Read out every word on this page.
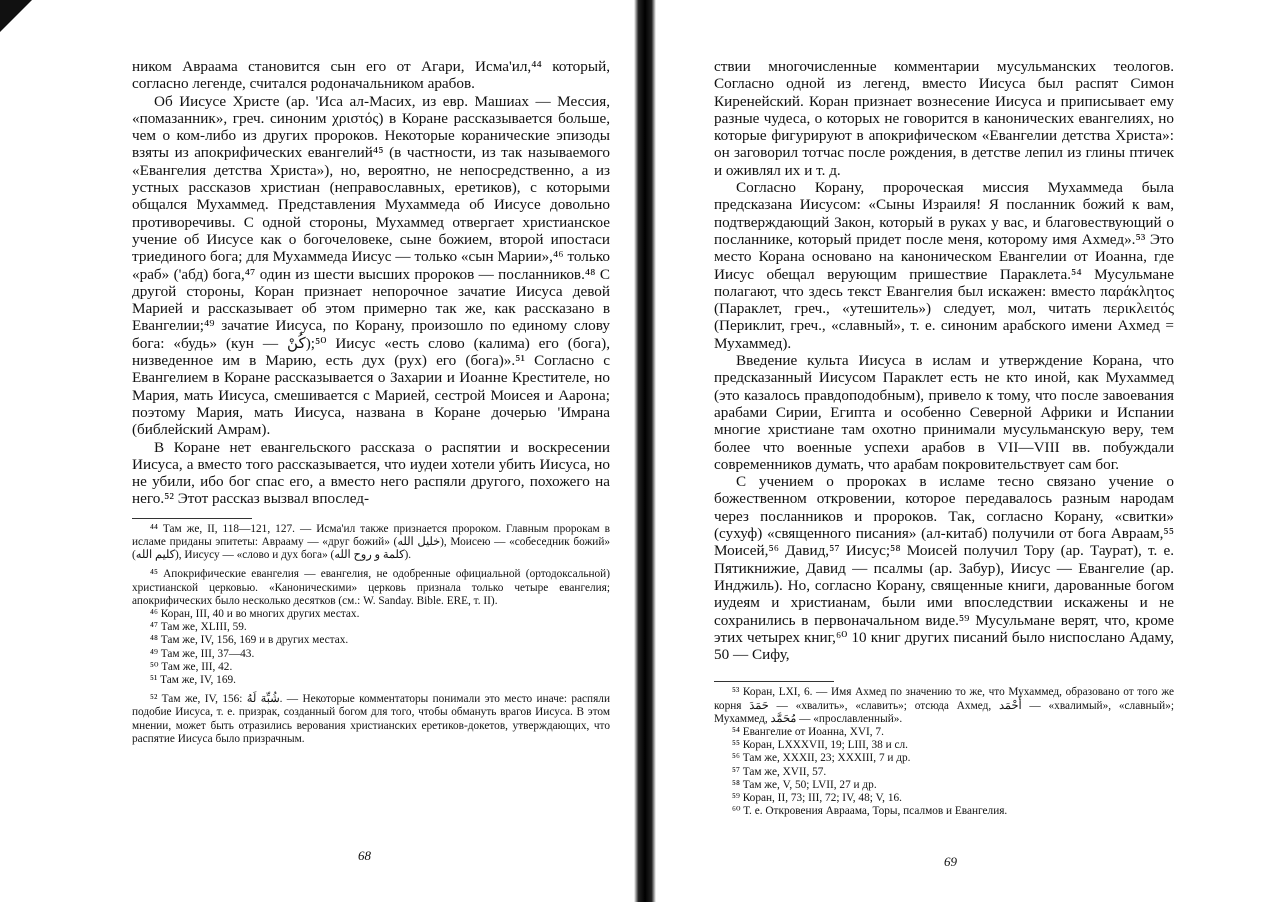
ником Авраама становится сын его от Агари, Исма'ил,⁴⁴ который, согласно легенде, считался родоначальником арабов.

Об Иисусе Христе (ар. 'Иса ал-Масих, из евр. Машиах — Мессия, «помазанник», греч. синоним χριστός) в Коране рассказывается больше, чем о ком-либо из других пророков. Некоторые коранические эпизоды взяты из апокрифических евангелий⁴⁵ (в частности, из так называемого «Евангелия детства Христа»), но, вероятно, не непосредственно, а из устных рассказов христиан (неправославных, еретиков), с которыми общался Мухаммед. Представления Мухаммеда об Иисусе довольно противоречивы. С одной стороны, Мухаммед отвергает христианское учение об Иисусе как о богочеловеке, сыне божием, второй ипостаси триединого бога; для Мухаммеда Иисус — только «сын Марии»,⁴⁶ только «раб» ('абд) бога,⁴⁷ один из шести высших пророков — посланников.⁴⁸ С другой стороны, Коран признает непорочное зачатие Иисуса девой Марией и рассказывает об этом примерно так же, как рассказано в Евангелии;⁴⁹ зачатие Иисуса, по Корану, произошло по единому слову бога: «будь» (кун — كُنْ);⁵⁰ Иисус «есть слово (калима) его (бога), низведенное им в Марию, есть дух (рух) его (бога)».⁵¹ Согласно с Евангелием в Коране рассказывается о Захарии и Иоанне Крестителе, но Мария, мать Иисуса, смешивается с Марией, сестрой Моисея и Аарона; поэтому Мария, мать Иисуса, названа в Коране дочерью 'Имрана (библейский Амрам).

В Коране нет евангельского рассказа о распятии и воскресении Иисуса, а вместо того рассказывается, что иудеи хотели убить Иисуса, но не убили, ибо бог спас его, а вместо него распяли другого, похожего на него.⁵² Этот рассказ вызвал впослед-

⁴⁴ Там же, II, 118—121, 127. — Исма'ил также признается пророком. Главным пророкам в исламе приданы эпитеты: Аврааму — «друг божий» (خليل الله), Моисею — «собеседник божий» (كليم الله), Иисусу — «слово и дух бога» (كلمة و روح الله).

⁴⁵ Апокрифические евангелия — евангелия, не одобренные официальной (ортодоксальной) христианской церковью. «Каноническими» церковь признала только четыре евангелия; апокрифических было несколько десятков (см.: W. Sanday. Bible. ERE, т. II).

⁴⁶ Коран, III, 40 и во многих других местах.

⁴⁷ Там же, XLIII, 59.

⁴⁸ Там же, IV, 156, 169 и в других местах.

⁴⁹ Там же, III, 37—43.

⁵⁰ Там же, III, 42.

⁵¹ Там же, IV, 169.

⁵² Там же, IV, 156: شُبِّهَ لَهُ. — Некоторые комментаторы понимали это место иначе: распяли подобие Иисуса, т. е. призрак, созданный богом для того, чтобы обмануть врагов Иисуса. В этом мнении, может быть отразились верования христианских еретиков-докетов, утверждающих, что распятие Иисуса было призрачным.

68

ствии многочисленные комментарии мусульманских теологов. Согласно одной из легенд, вместо Иисуса был распят Симон Киренейский. Коран признает вознесение Иисуса и приписывает ему разные чудеса, о которых не говорится в канонических евангелиях, но которые фигурируют в апокрифическом «Евангелии детства Христа»: он заговорил тотчас после рождения, в детстве лепил из глины птичек и оживлял их и т. д.

Согласно Корану, пророческая миссия Мухаммеда была предсказана Иисусом: «Сыны Израиля! Я посланник божий к вам, подтверждающий Закон, который в руках у вас, и благовествующий о посланнике, который придет после меня, которому имя Ахмед».⁵³ Это место Корана основано на каноническом Евангелии от Иоанна, где Иисус обещал верующим пришествие Параклета.⁵⁴ Мусульмане полагают, что здесь текст Евангелия был искажен: вместо παράκλητος (Параклет, греч., «утешитель») следует, мол, читать περικλειτός (Периклит, греч., «славный», т. е. синоним арабского имени Ахмед = Мухаммед).

Введение культа Иисуса в ислам и утверждение Корана, что предсказанный Иисусом Параклет есть не кто иной, как Мухаммед (это казалось правдоподобным), привело к тому, что после завоевания арабами Сирии, Египта и особенно Северной Африки и Испании многие христиане там охотно принимали мусульманскую веру, тем более что военные успехи арабов в VII—VIII вв. побуждали современников думать, что арабам покровительствует сам бог.

С учением о пророках в исламе тесно связано учение о божественном откровении, которое передавалось разным народам через посланников и пророков. Так, согласно Корану, «свитки» (сухуф) «священного писания» (ал-китаб) получили от бога Авраам,⁵⁵ Моисей,⁵⁶ Давид,⁵⁷ Иисус;⁵⁸ Моисей получил Тору (ар. Таурат), т. е. Пятикнижие, Давид — псалмы (ар. Забур), Иисус — Евангелие (ар. Инджиль). Но, согласно Корану, священные книги, дарованные богом иудеям и христианам, были ими впоследствии искажены и не сохранились в первоначальном виде.⁵⁹ Мусульмане верят, что, кроме этих четырех книг,⁶⁰ 10 книг других писаний было ниспослано Адаму, 50 — Сифу,

⁵³ Коран, LXI, 6. — Имя Ахмед по значению то же, что Мухаммед, образовано от того же корня حَمَدَ — «хвалить», «славить»; отсюда Ахмед, أَحْمَد — «хвалимый», «славный»; Мухаммед, مُحَمَّد — «прославленный».

⁵⁴ Евангелие от Иоанна, XVI, 7.

⁵⁵ Коран, LXXXVII, 19; LIII, 38 и сл.

⁵⁶ Там же, XXXII, 23; XXXIII, 7 и др.

⁵⁷ Там же, XVII, 57.

⁵⁸ Там же, V, 50; LVII, 27 и др.

⁵⁹ Коран, II, 73; III, 72; IV, 48; V, 16.

⁶⁰ Т. е. Откровения Авраама, Торы, псалмов и Евангелия.

69
